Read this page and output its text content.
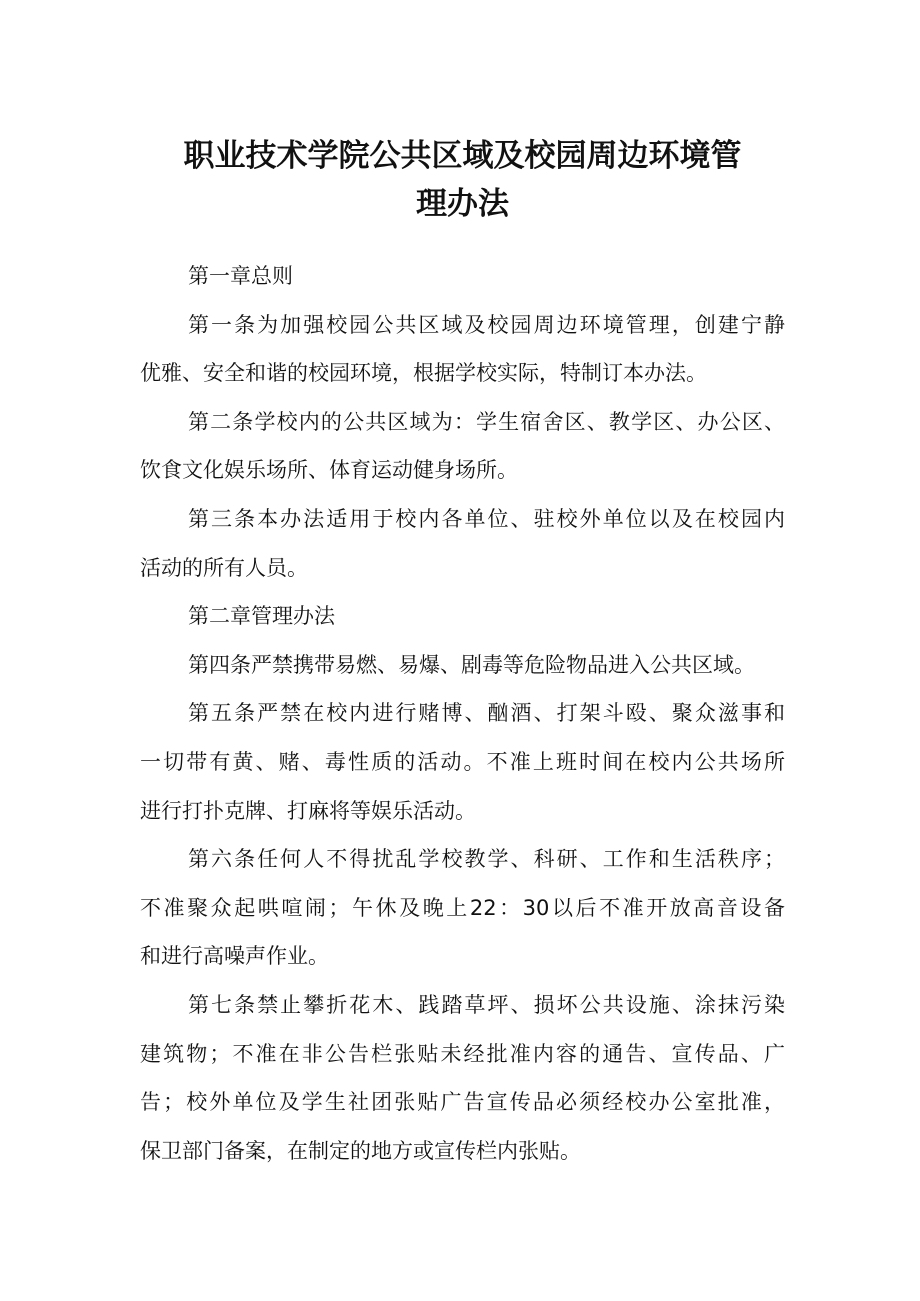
职业技术学院公共区域及校园周边环境管
理办法
第一章总则
第一条为加强校园公共区域及校园周边环境管理，创建宁静
优雅、安全和谐的校园环境，根据学校实际，特制订本办法。
第二条学校内的公共区域为：学生宿舍区、教学区、办公区、
饮食文化娱乐场所、体育运动健身场所。
第三条本办法适用于校内各单位、驻校外单位以及在校园内
活动的所有人员。
第二章管理办法
第四条严禁携带易燃、易爆、剧毒等危险物品进入公共区域。
第五条严禁在校内进行赌博、酗酒、打架斗殴、聚众滋事和
一切带有黄、赌、毒性质的活动。不准上班时间在校内公共场所
进行打扑克牌、打麻将等娱乐活动。
第六条任何人不得扰乱学校教学、科研、工作和生活秩序；
不准聚众起哄喧闹；午休及晚上22：30以后不准开放高音设备
和进行高噪声作业。
第七条禁止攀折花木、践踏草坪、损坏公共设施、涂抹污染
建筑物；不准在非公告栏张贴未经批准内容的通告、宣传品、广
告；校外单位及学生社团张贴广告宣传品必须经校办公室批准，
保卫部门备案，在制定的地方或宣传栏内张贴。
